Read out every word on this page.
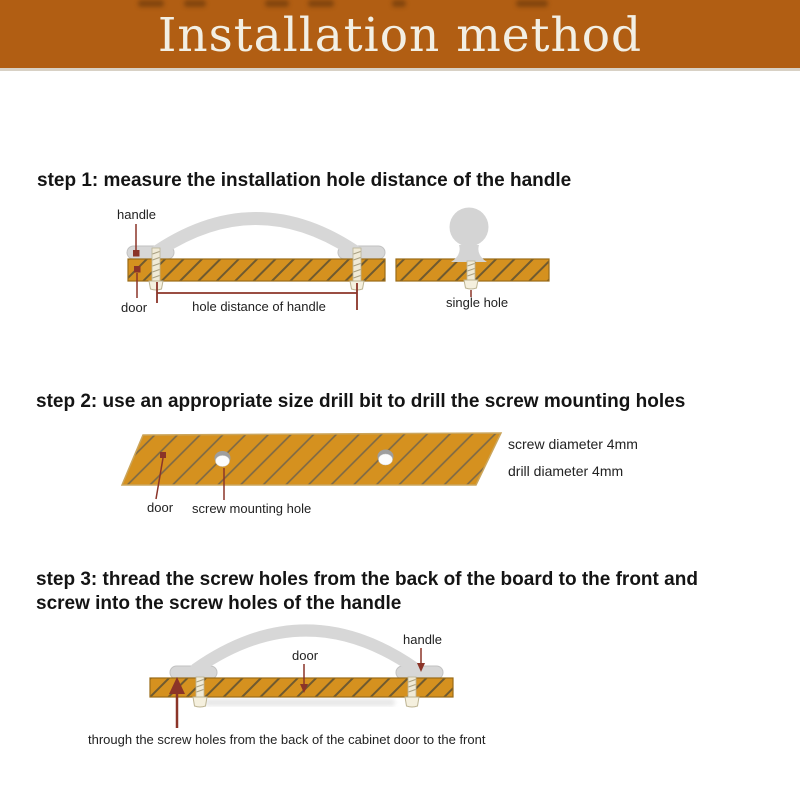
Installation method
step 1: measure the installation hole distance of the handle
step 2: use an appropriate size drill bit to drill the screw mounting holes
step 3: thread the screw holes from the back of the board to the front and
screw into the screw holes of the handle
handle
door	hole distance of handle	single hole
door screw mounting hole
screw diameter 4mm
drill diameter 4mm
door
handle
through the screw holes from the back of the cabinet door to the front
